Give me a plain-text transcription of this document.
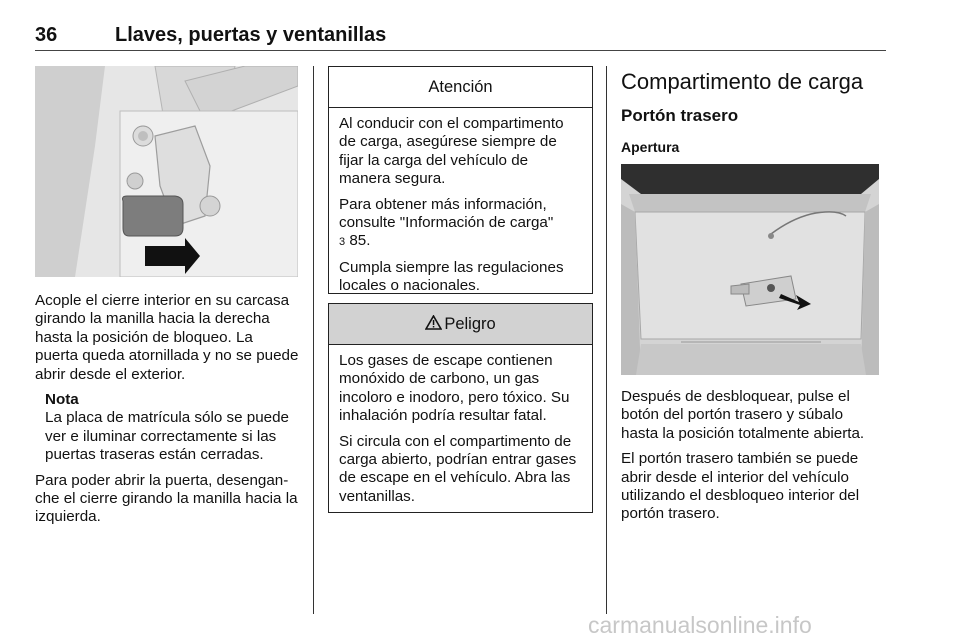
36	Llaves, puertas y ventanillas

Acople el cierre interior en su carcasa girando la manilla hacia la derecha hasta la posición de bloqueo. La puerta queda atornillada y no se puede abrir desde el exterior.

Nota
La placa de matrícula sólo se puede ver e iluminar correctamente si las puertas traseras están cerradas.

Para poder abrir la puerta, desengan-che el cierre girando la manilla hacia la izquierda.

Atención

Al conducir con el compartimento de carga, asegúrese siempre de fijar la carga del vehículo de manera segura.

Para obtener más información, consulte "Información de carga"
3 85.

Cumpla siempre las regulaciones locales o nacionales.

Peligro

Los gases de escape contienen monóxido de carbono, un gas incoloro e inodoro, pero tóxico. Su inhalación podría resultar fatal.

Si circula con el compartimento de carga abierto, podrían entrar gases de escape en el vehículo. Abra las ventanillas.

Compartimento de carga
Portón trasero
Apertura

Después de desbloquear, pulse el botón del portón trasero y súbalo hasta la posición totalmente abierta.

El portón trasero también se puede abrir desde el interior del vehículo utilizando el desbloqueo interior del portón trasero.

carmanualsonline.info
